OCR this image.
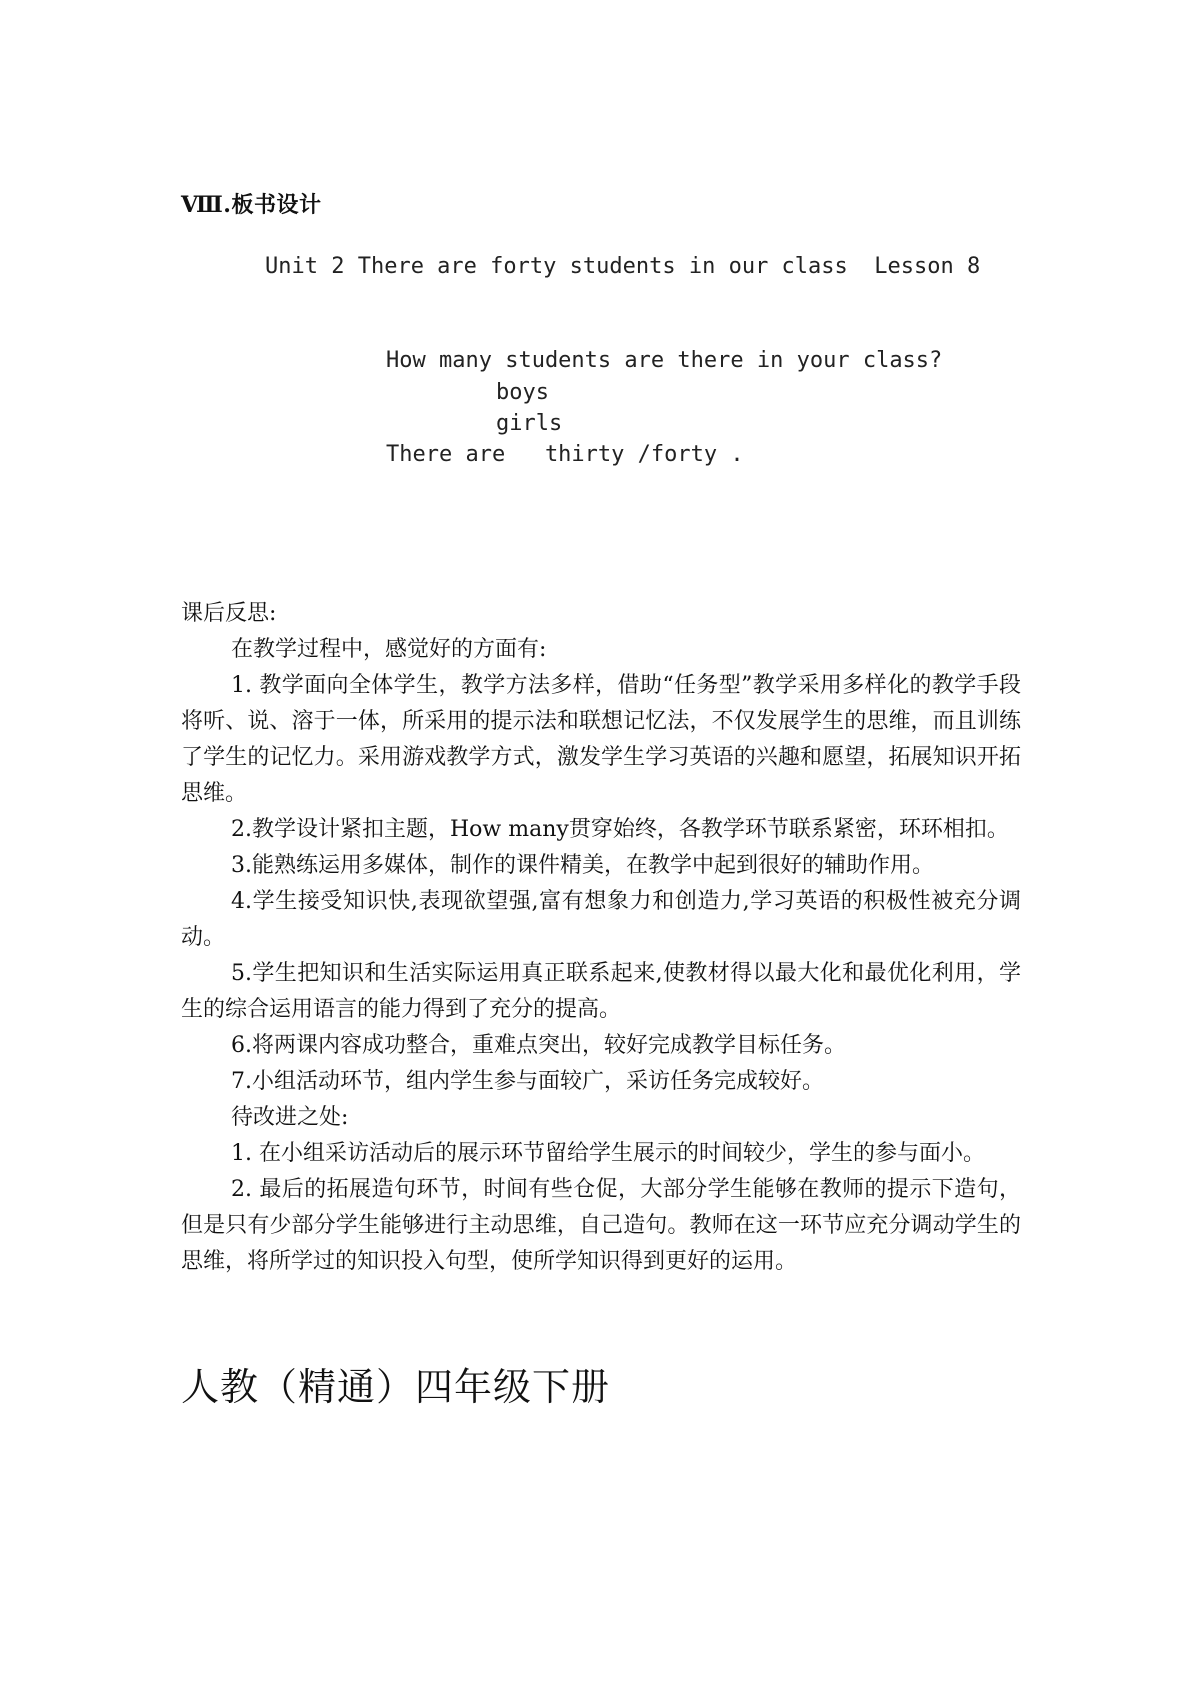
Ⅷ.板书设计
Unit 2 There are forty students in our class  Lesson 8
How many students are there in your class?
boys
girls
There are   thirty /forty .

课后反思:

在教学过程中，感觉好的方面有:

1. 教学面向全体学生，教学方法多样，借助“任务型”教学采用多样化的教学手段将听、说、溶于一体，所采用的提示法和联想记忆法，不仅发展学生的思维，而且训练了学生的记忆力。采用游戏教学方式，激发学生学习英语的兴趣和愿望，拓展知识开拓思维。

2.教学设计紧扣主题，How many贯穿始终，各教学环节联系紧密，环环相扣。

3.能熟练运用多媒体，制作的课件精美，在教学中起到很好的辅助作用。

4.学生接受知识快,表现欲望强,富有想象力和创造力,学习英语的积极性被充分调动。

5.学生把知识和生活实际运用真正联系起来,使教材得以最大化和最优化利用，学生的综合运用语言的能力得到了充分的提高。

6.将两课内容成功整合，重难点突出，较好完成教学目标任务。

7.小组活动环节，组内学生参与面较广，采访任务完成较好。

待改进之处:

1. 在小组采访活动后的展示环节留给学生展示的时间较少，学生的参与面小。

2. 最后的拓展造句环节，时间有些仓促，大部分学生能够在教师的提示下造句，但是只有少部分学生能够进行主动思维，自己造句。教师在这一环节应充分调动学生的思维，将所学过的知识投入句型，使所学知识得到更好的运用。

人教（精通）四年级下册
